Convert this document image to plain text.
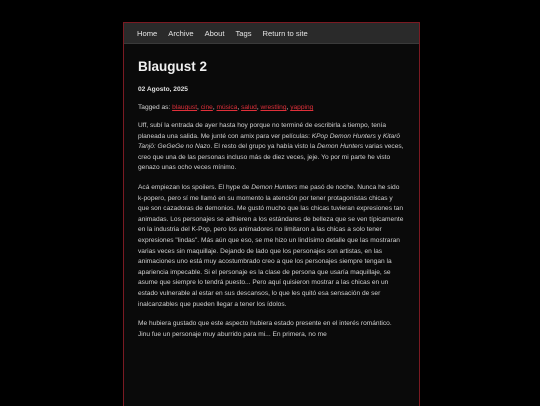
Home Archive About Tags Return to site
Blaugust 2
02 Agosto, 2025
Tagged as: blaugust, cine, música, salud, wrestling, yapping

Uff, subí la entrada de ayer hasta hoy porque no terminé de escribirla a tiempo, tenía planeada una salida. Me junté con amix para ver películas: KPop Demon Hunters y Kitarō Tanjō: GeGeGe no Nazo. El resto del grupo ya había visto la Demon Hunters varias veces, creo que una de las personas incluso más de diez veces, jeje. Yo por mi parte he visto genazo unas ocho veces mínimo.

Acá empiezan los spoilers. El hype de Demon Hunters me pasó de noche. Nunca he sido k-popero, pero sí me llamó en su momento la atención por tener protagonistas chicas y que son cazadoras de demonios. Me gustó mucho que las chicas tuvieran expresiones tan animadas. Los personajes se adhieren a los estándares de belleza que se ven típicamente en la industria del K-Pop, pero los animadores no limitaron a las chicas a solo tener expresiones "lindas". Más aún que eso, se me hizo un lindísimo detalle que las mostraran varias veces sin maquillaje. Dejando de lado que los personajes son artistas, en las animaciones uno está muy acostumbrado creo a que los personajes siempre tengan la apariencia impecable. Si el personaje es la clase de persona que usaría maquillaje, se asume que siempre lo tendrá puesto... Pero aquí quisieron mostrar a las chicas en un estado vulnerable al estar en sus descansos, lo que les quitó esa sensación de ser inalcanzables que pueden llegar a tener los ídolos.

Me hubiera gustado que este aspecto hubiera estado presente en el interés romántico. Jinu fue un personaje muy aburrido para mi... En primera, no me
